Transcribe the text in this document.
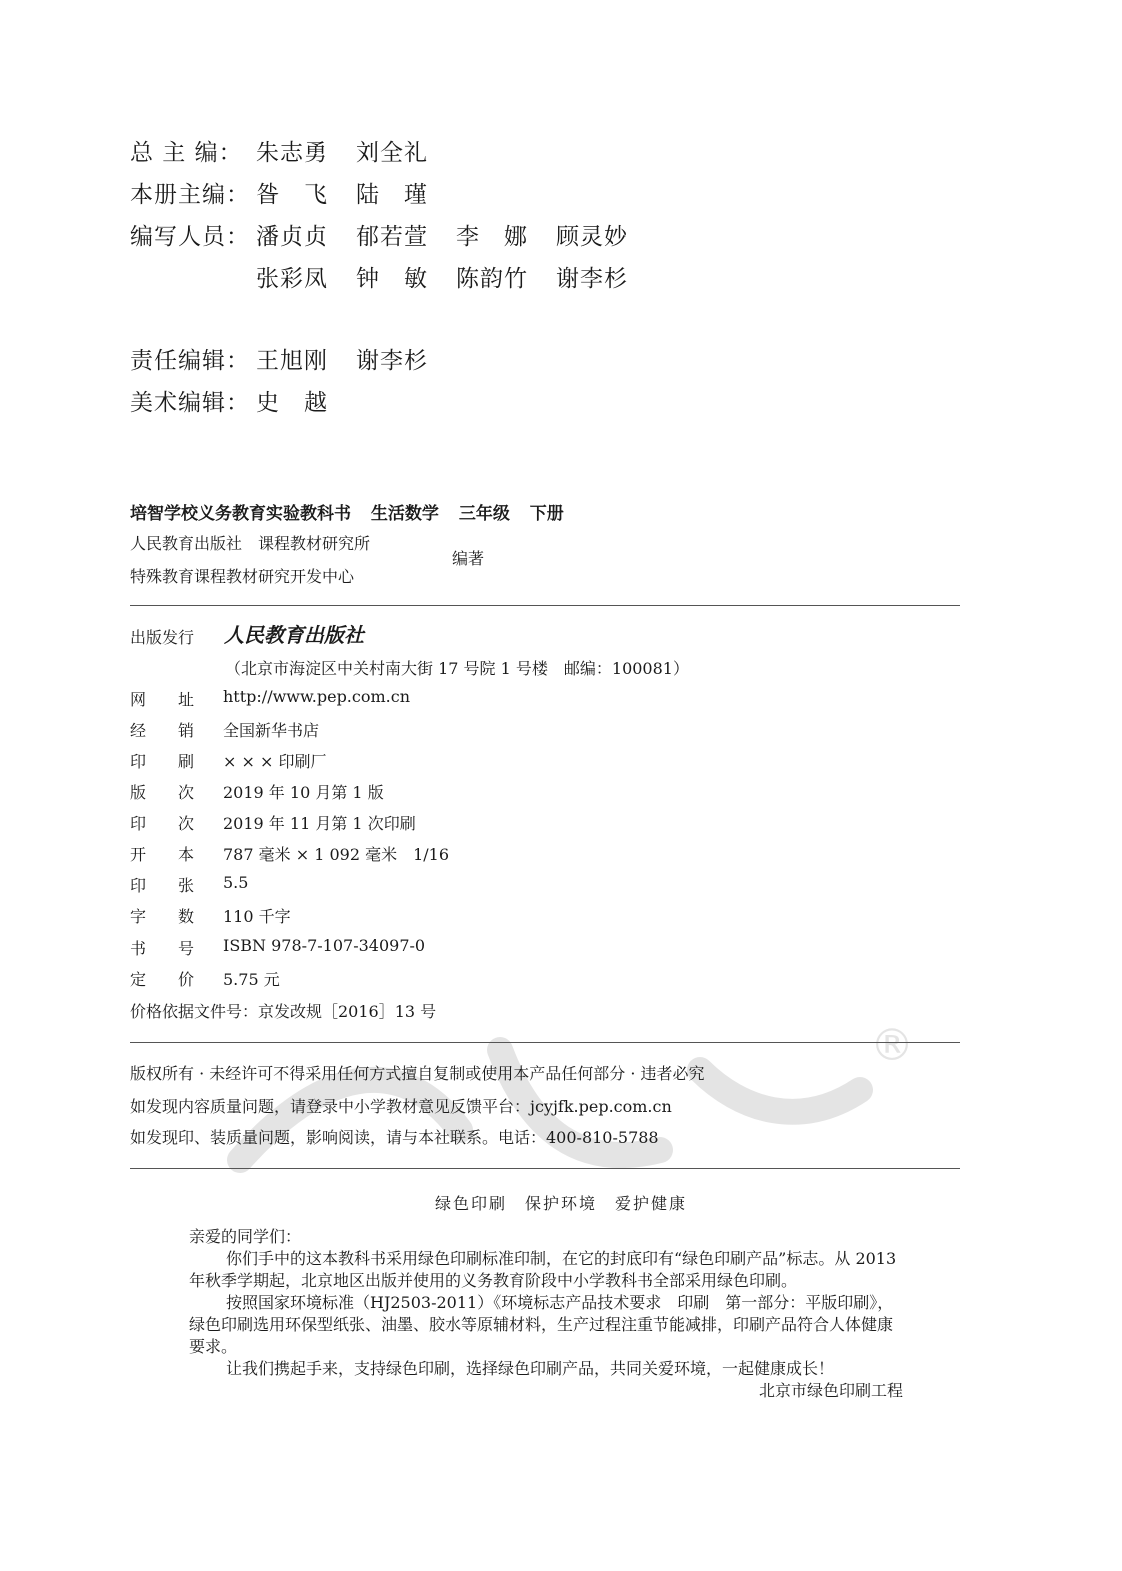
总 主 编： 朱志勇 刘全礼
本册主编： 昝　飞 陆　瑾
编写人员： 潘贞贞 郁若萱 李　娜 顾灵妙
张彩凤 钟　敏 陈韵竹 谢李杉
责任编辑： 王旭刚 谢李杉
美术编辑： 史　越
培智学校义务教育实验教科书 生活数学 三年级 下册
人民教育出版社　课程教材研究所
特殊教育课程教材研究开发中心
编著
出版发行	人民教育出版社
（北京市海淀区中关村南大街 17 号院 1 号楼　邮编：100081）
网　　址	http://www.pep.com.cn
经　　销	全国新华书店
印　　刷	× × × 印刷厂
版　　次	2019 年 10 月第 1 版
印　　次	2019 年 11 月第 1 次印刷
开　　本	787 毫米 × 1 092 毫米　1/16
印　　张	5.5
字　　数	110 千字
书　　号	ISBN 978-7-107-34097-0
定　　价	5.75 元
价格依据文件号：京发改规［2016］13 号
®
版权所有 · 未经许可不得采用任何方式擅自复制或使用本产品任何部分 · 违者必究
如发现内容质量问题，请登录中小学教材意见反馈平台：jcyjfk.pep.com.cn
如发现印、装质量问题，影响阅读，请与本社联系。电话：400-810-5788
绿色印刷　保护环境　爱护健康

亲爱的同学们：

你们手中的这本教科书采用绿色印刷标准印制，在它的封底印有“绿色印刷产品”标志。从 2013 年秋季学期起，北京地区出版并使用的义务教育阶段中小学教科书全部采用绿色印刷。

按照国家环境标准（HJ2503-2011）《环境标志产品技术要求　印刷　第一部分：平版印刷》，绿色印刷选用环保型纸张、油墨、胶水等原辅材料，生产过程注重节能减排，印刷产品符合人体健康要求。

让我们携起手来，支持绿色印刷，选择绿色印刷产品，共同关爱环境，一起健康成长！

北京市绿色印刷工程
